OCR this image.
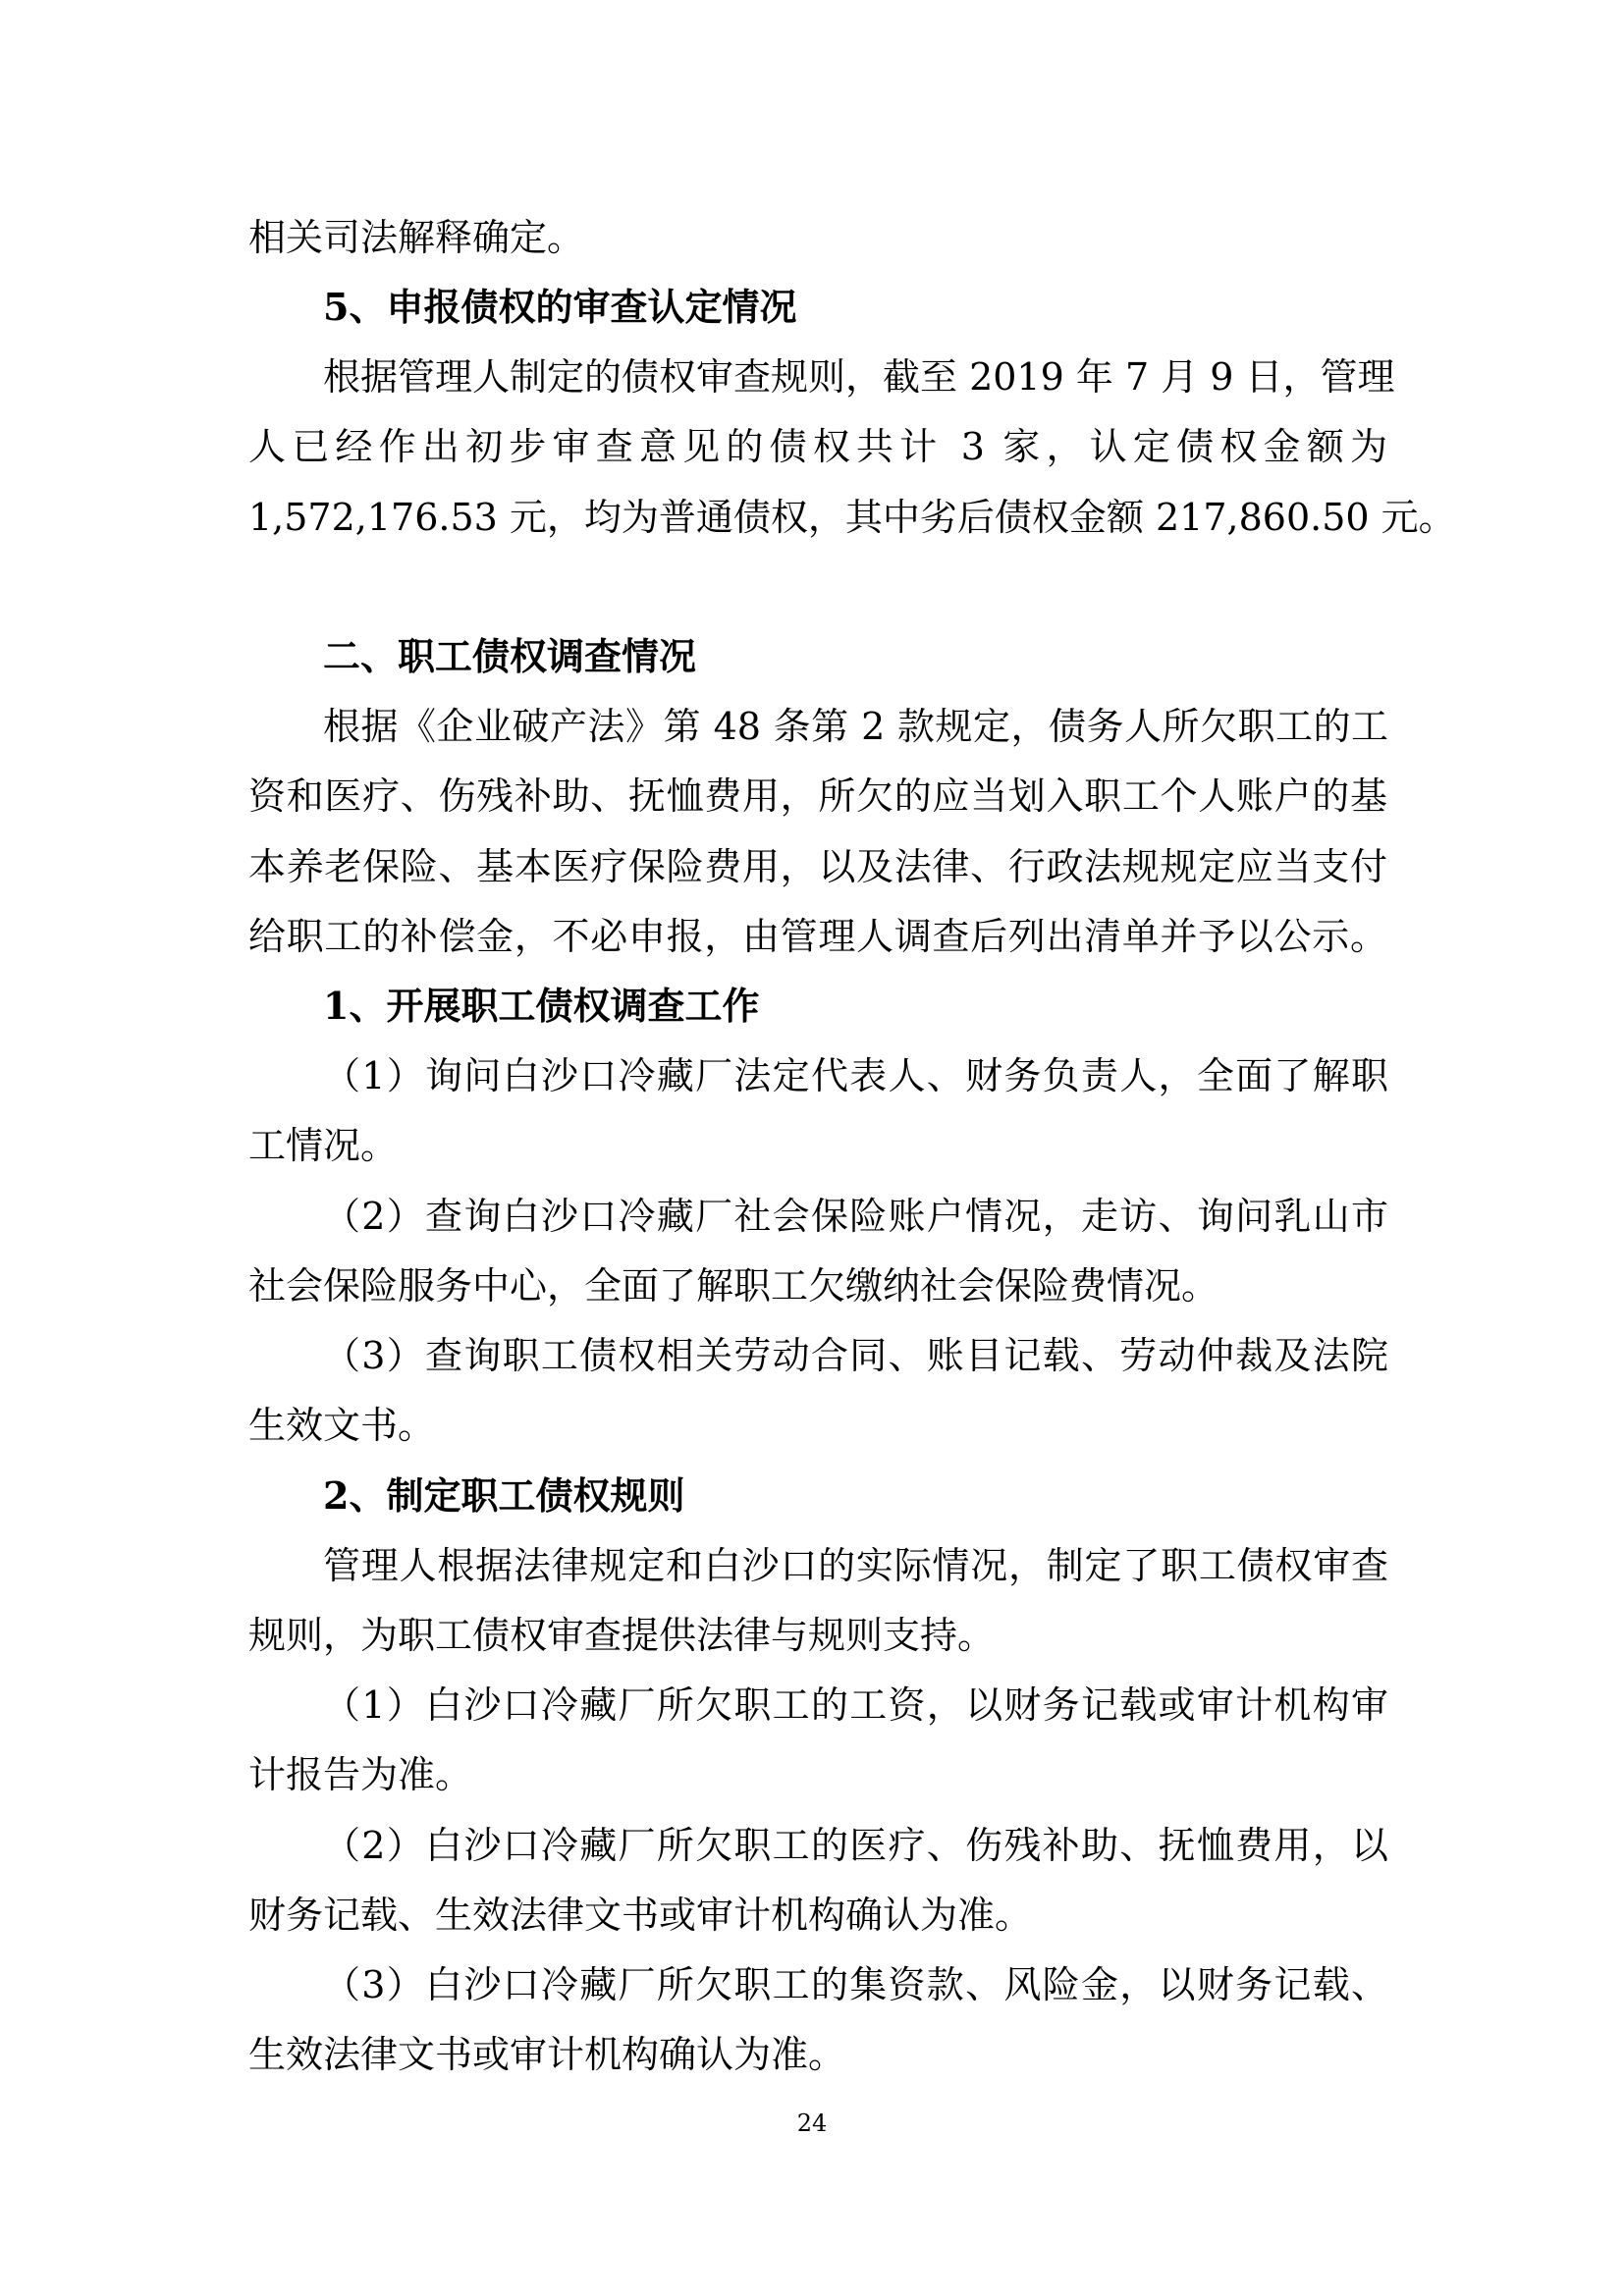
相关司法解释确定。
5、申报债权的审查认定情况
根据管理人制定的债权审查规则，截至 2019 年 7 月 9 日，管理
人已经作出初步审查意见的债权共计 3 家，认定债权金额为
1,572,176.53 元，均为普通债权，其中劣后债权金额 217,860.50 元。
二、职工债权调查情况
根据《企业破产法》第 48 条第 2 款规定，债务人所欠职工的工
资和医疗、伤残补助、抚恤费用，所欠的应当划入职工个人账户的基
本养老保险、基本医疗保险费用，以及法律、行政法规规定应当支付
给职工的补偿金，不必申报，由管理人调查后列出清单并予以公示。
1、开展职工债权调查工作
（1）询问白沙口冷藏厂法定代表人、财务负责人，全面了解职
工情况。
（2）查询白沙口冷藏厂社会保险账户情况，走访、询问乳山市
社会保险服务中心，全面了解职工欠缴纳社会保险费情况。
（3）查询职工债权相关劳动合同、账目记载、劳动仲裁及法院
生效文书。
2、制定职工债权规则
管理人根据法律规定和白沙口的实际情况，制定了职工债权审查
规则，为职工债权审查提供法律与规则支持。
（1）白沙口冷藏厂所欠职工的工资，以财务记载或审计机构审
计报告为准。
（2）白沙口冷藏厂所欠职工的医疗、伤残补助、抚恤费用，以
财务记载、生效法律文书或审计机构确认为准。
（3）白沙口冷藏厂所欠职工的集资款、风险金，以财务记载、
生效法律文书或审计机构确认为准。
24
